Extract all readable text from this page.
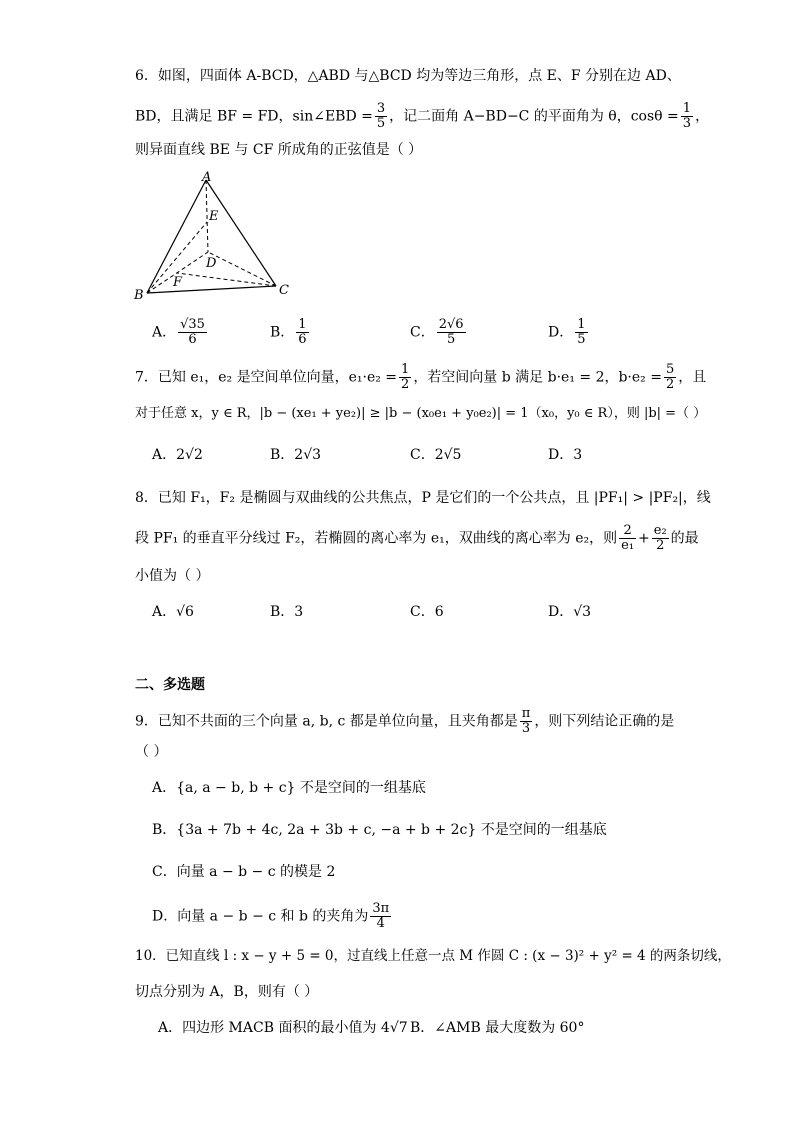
6．如图，四面体 A-BCD，△ABD 与△BCD 均为等边三角形，点 E、F 分别在边 AD、
BD，且满足 BF = FD，sin∠EBD = $\frac{3}{5}$ ，记二面角 A−BD−C 的平面角为 θ，$\cos\theta = \frac{1}{3}$ ，
则异面直线 BE 与 CF 所成角的正弦值是（ ）
A
E
D
F
B	C
A． $\frac{√35}{6}$	B． $\frac{1}{6}$	C． $\frac{2√6}{5}$	D． $\frac{1}{5}$
7．已知 e₁，e₂ 是空间单位向量，$e_1\cdot e_2 = \frac{1}{2}$ ，若空间向量 b 满足 b·e₁ = 2，$b\cdot e_2 = \frac{5}{2}$ ，且
对于任意 x，y ∈ R，|b − (xe₁ + ye₂)| ≥ |b − (x₀e₁ + y₀e₂)| = 1（x₀，y₀ ∈ R），则 |b| =（ ）
A．2√2	B．2√3	C．2√5	D．3
8．已知 F₁，F₂ 是椭圆与双曲线的公共焦点，P 是它们的一个公共点，且 |PF₁| > |PF₂|，线
段 PF₁ 的垂直平分线过 F₂，若椭圆的离心率为 e₁，双曲线的离心率为 e₂，则 $\frac{2}{\text{e₁}} + \frac{\text{e₂}}{2}$ 的最
小值为（ ）
A．√6	B．3	C．6	D．√3
二、多选题
9．已知不共面的三个向量 a, b, c 都是单位向量，且夹角都是 $\frac{\pi}{3}$ ，则下列结论正确的是
（ ）
A．{a, a − b, b + c} 不是空间的一组基底
B．{3a + 7b + 4c, 2a + 3b + c, −a + b + 2c} 不是空间的一组基底
C．向量 a − b − c 的模是 2
D．向量 a − b − c 和 b 的夹角为 $\frac{3\pi}{4}$
10．已知直线 l : x − y + 5 = 0，过直线上任意一点 M 作圆 C : (x − 3)² + y² = 4 的两条切线，
切点分别为 A，B，则有（ ）
A．四边形 MACB 面积的最小值为 4√7 B．∠AMB 最大度数为 60°
